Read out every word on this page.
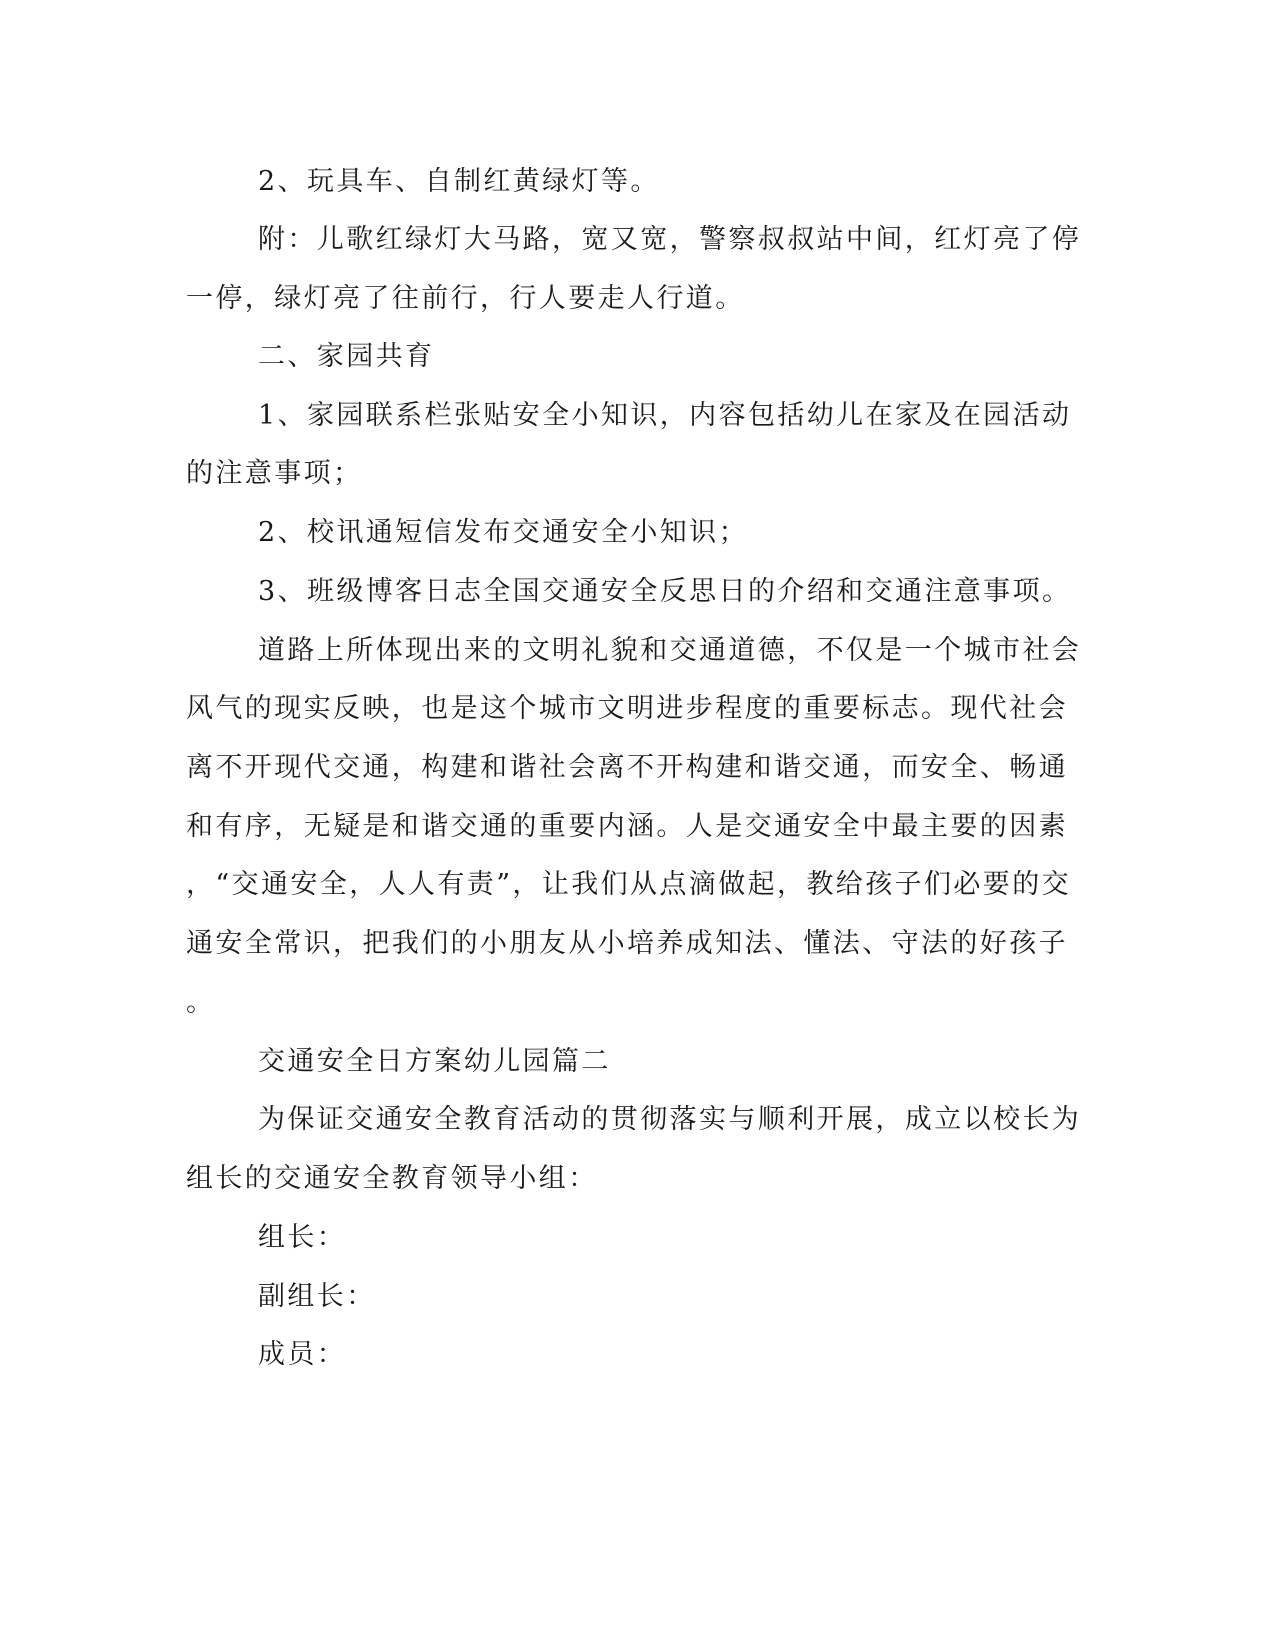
2、玩具车、自制红黄绿灯等。
附：儿歌红绿灯大马路，宽又宽，警察叔叔站中间，红灯亮了停
一停，绿灯亮了往前行，行人要走人行道。
二、家园共育
1、家园联系栏张贴安全小知识，内容包括幼儿在家及在园活动
的注意事项；
2、校讯通短信发布交通安全小知识；
3、班级博客日志全国交通安全反思日的介绍和交通注意事项。
道路上所体现出来的文明礼貌和交通道德，不仅是一个城市社会
风气的现实反映，也是这个城市文明进步程度的重要标志。现代社会
离不开现代交通，构建和谐社会离不开构建和谐交通，而安全、畅通
和有序，无疑是和谐交通的重要内涵。人是交通安全中最主要的因素
，“交通安全，人人有责”，让我们从点滴做起，教给孩子们必要的交
通安全常识，把我们的小朋友从小培养成知法、懂法、守法的好孩子
。
交通安全日方案幼儿园篇二
为保证交通安全教育活动的贯彻落实与顺利开展，成立以校长为
组长的交通安全教育领导小组：
组长：
副组长：
成员：
